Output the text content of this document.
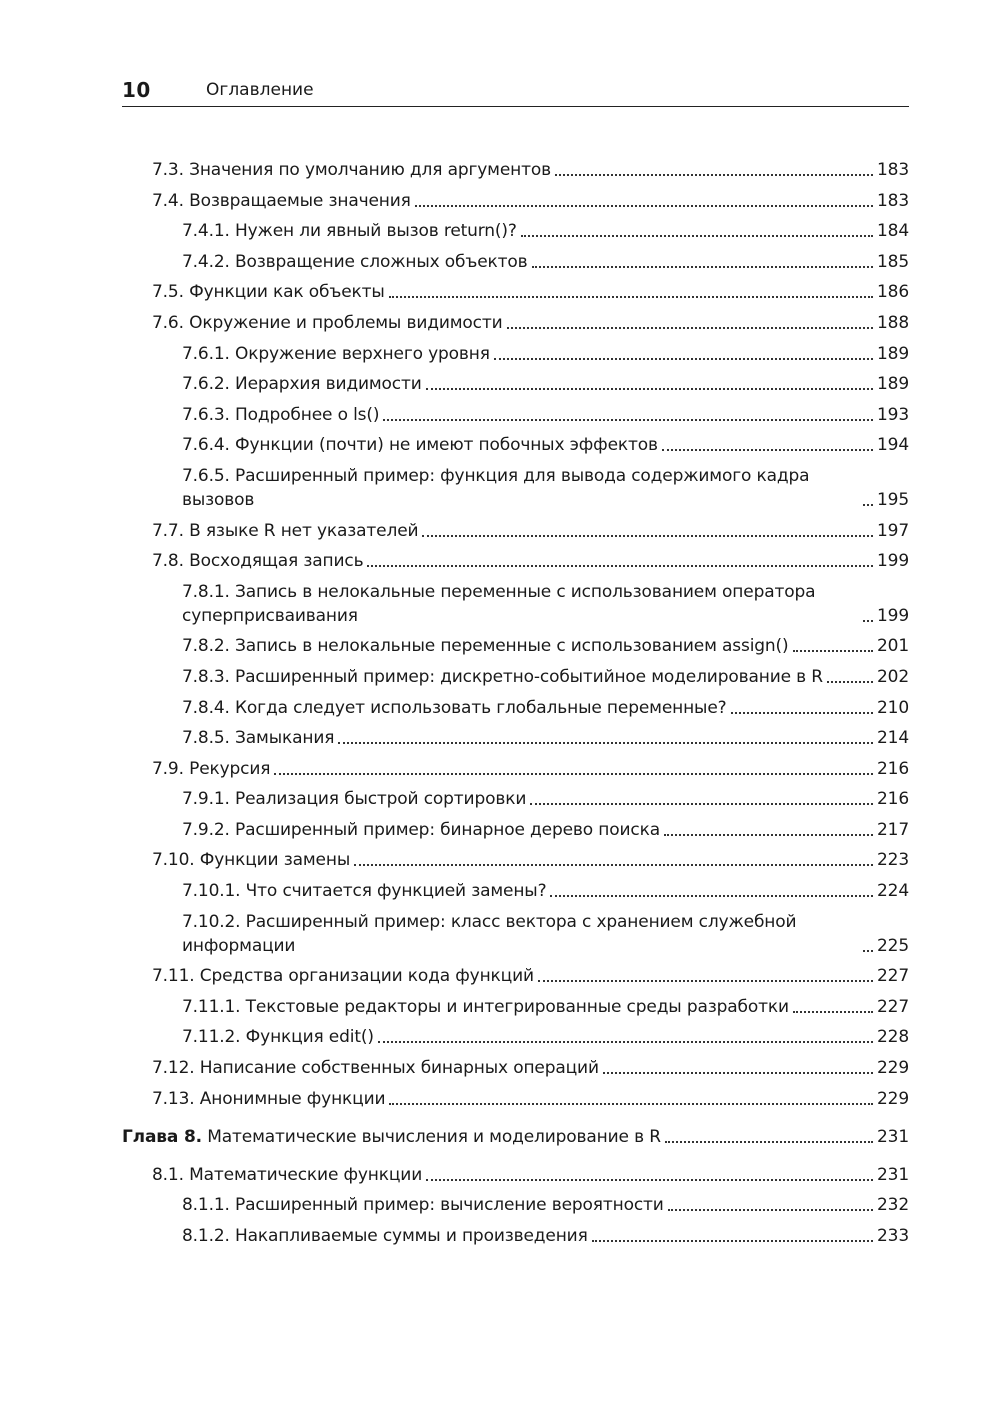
10	Оглавление
7.3. Значения по умолчанию для аргументов	183
7.4. Возвращаемые значения	183
7.4.1. Нужен ли явный вызов return()?	184
7.4.2. Возвращение сложных объектов	185
7.5. Функции как объекты	186
7.6. Окружение и проблемы видимости	188
7.6.1. Окружение верхнего уровня	189
7.6.2. Иерархия видимости	189
7.6.3. Подробнее о ls()	193
7.6.4. Функции (почти) не имеют побочных эффектов	194
7.6.5. Расширенный пример: функция для вывода содержимого кадра вызовов	195
7.7. В языке R нет указателей	197
7.8. Восходящая запись	199
7.8.1. Запись в нелокальные переменные с использованием оператора суперприсваивания	199
7.8.2. Запись в нелокальные переменные с использованием assign()	201
7.8.3. Расширенный пример: дискретно-событийное моделирование в R	202
7.8.4. Когда следует использовать глобальные переменные?	210
7.8.5. Замыкания	214
7.9. Рекурсия	216
7.9.1. Реализация быстрой сортировки	216
7.9.2. Расширенный пример: бинарное дерево поиска	217
7.10. Функции замены	223
7.10.1. Что считается функцией замены?	224
7.10.2. Расширенный пример: класс вектора с хранением служебной информации	225
7.11. Средства организации кода функций	227
7.11.1. Текстовые редакторы и интегрированные среды разработки	227
7.11.2. Функция edit()	228
7.12. Написание собственных бинарных операций	229
7.13. Анонимные функции	229
Глава 8. Математические вычисления и моделирование в R	231
8.1. Математические функции	231
8.1.1. Расширенный пример: вычисление вероятности	232
8.1.2. Накапливаемые суммы и произведения	233
